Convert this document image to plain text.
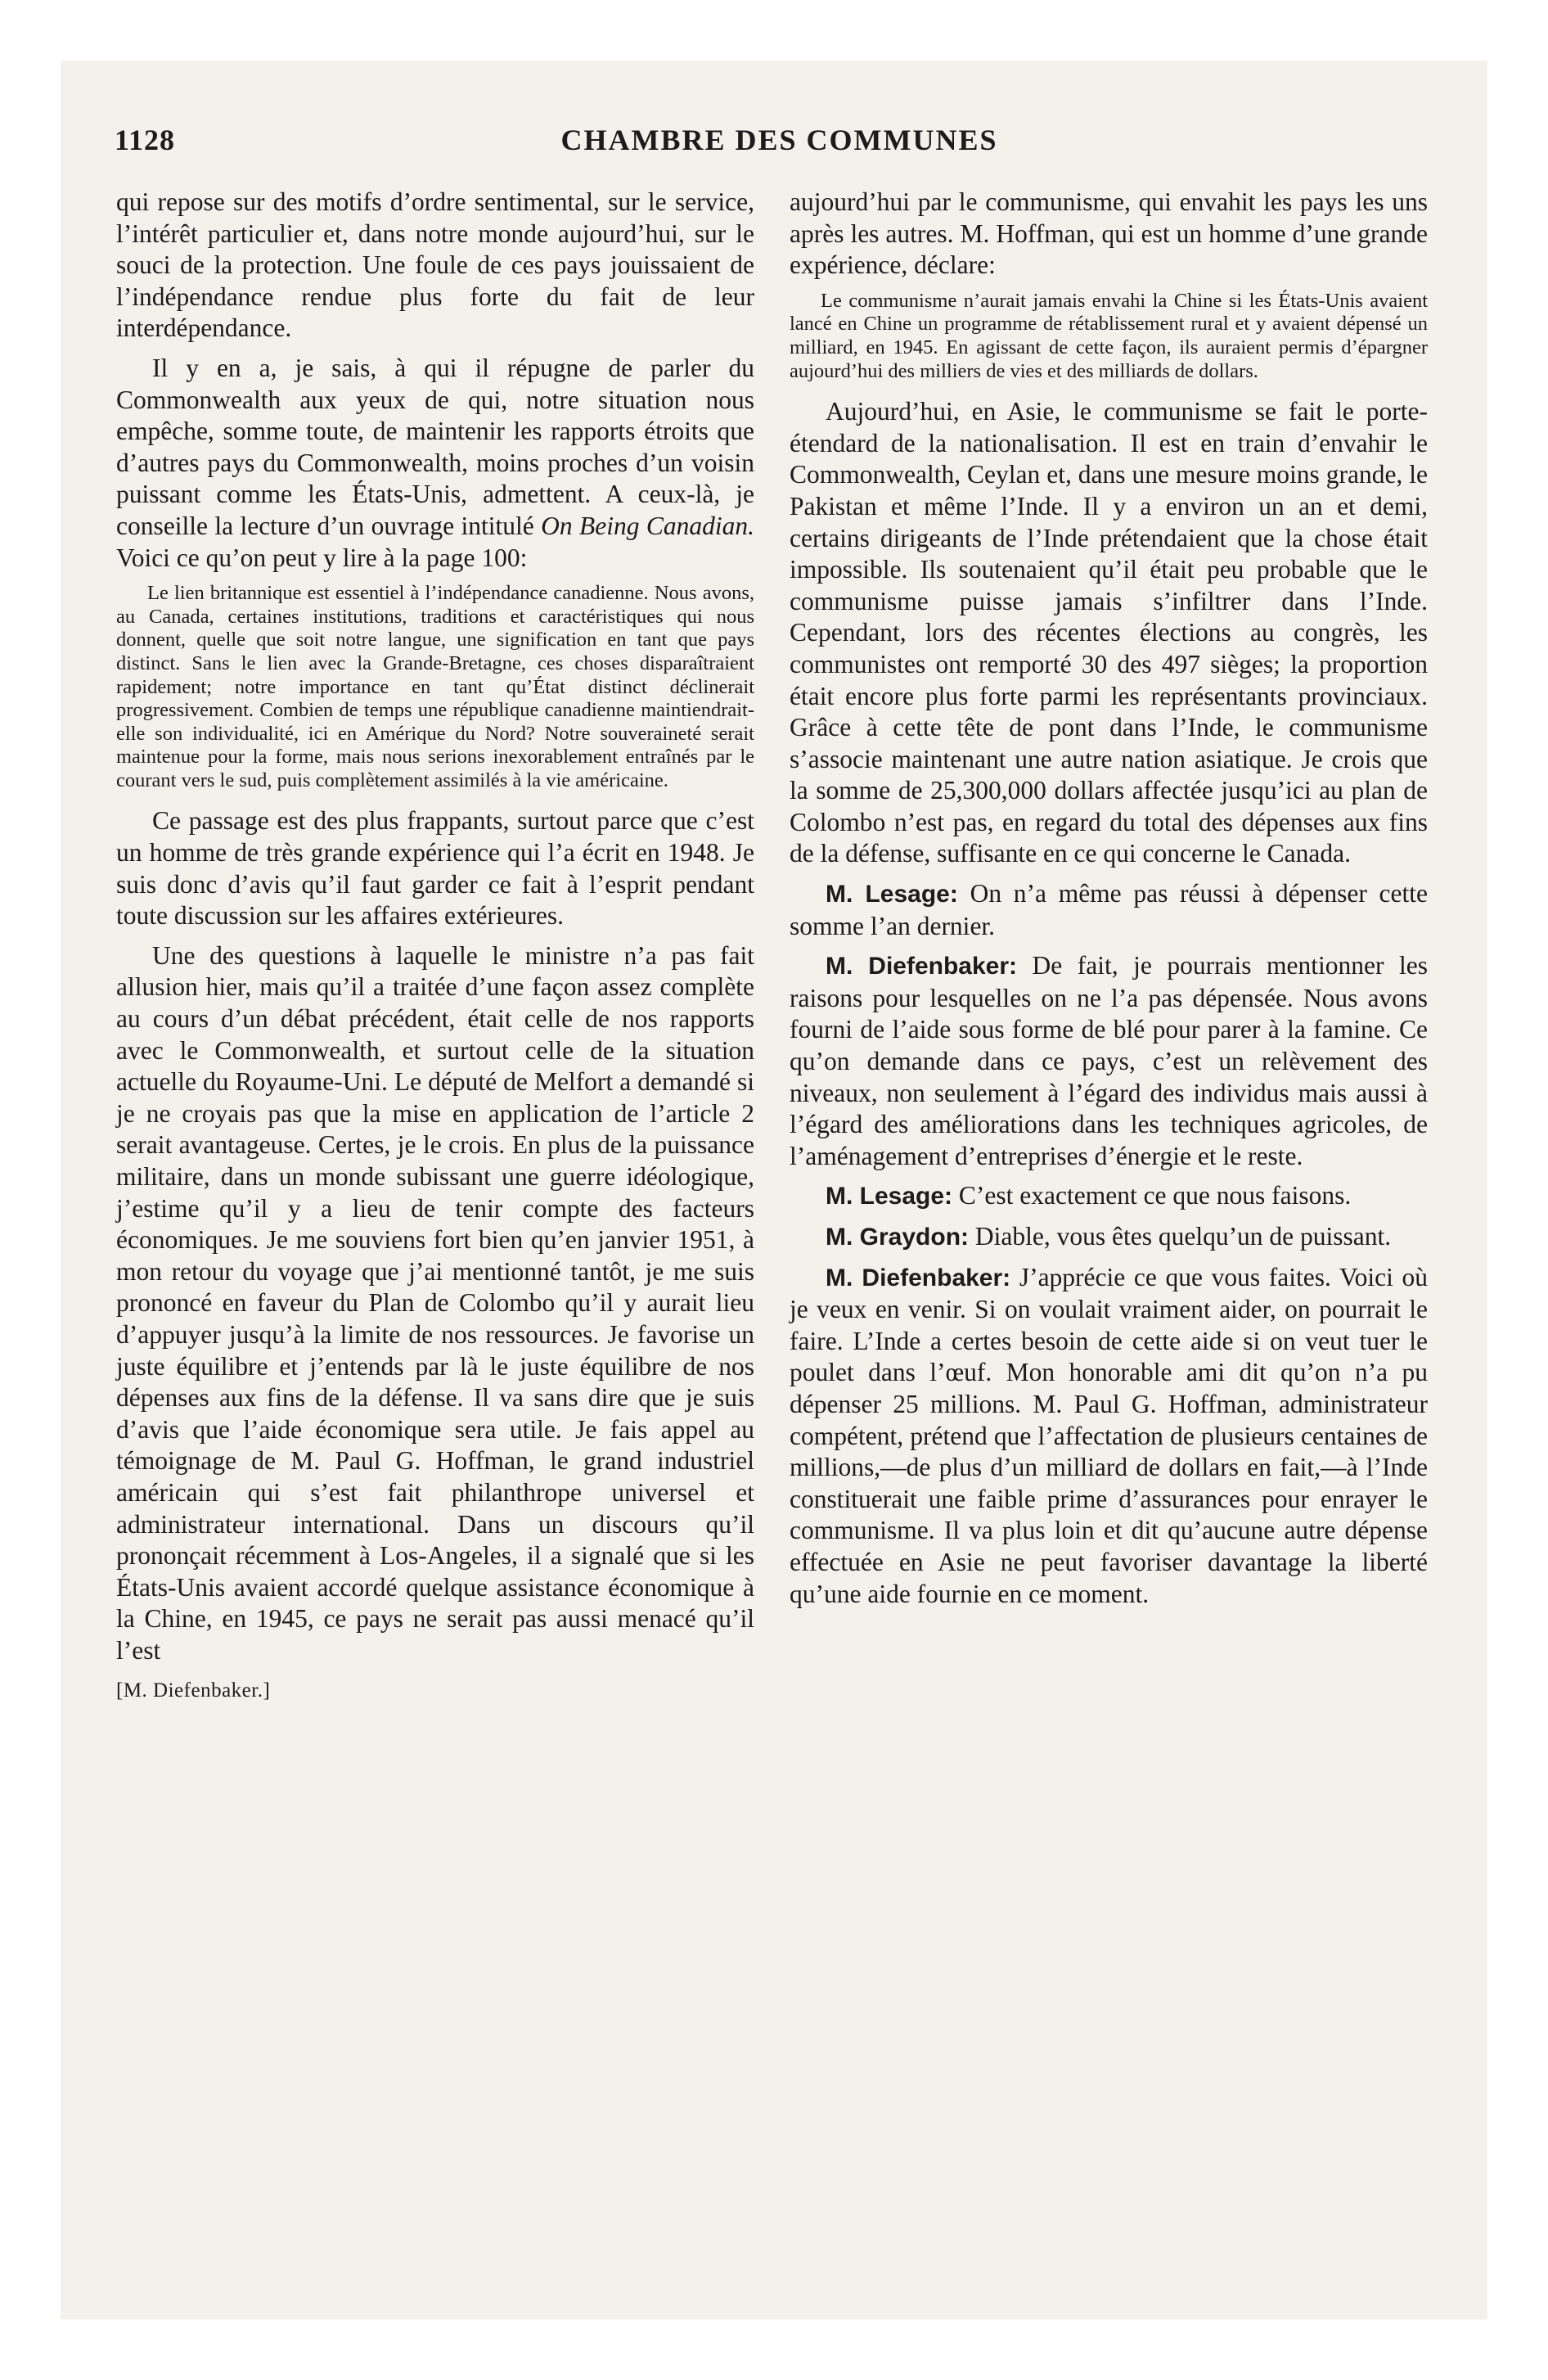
1128	CHAMBRE DES COMMUNES

qui repose sur des motifs d’ordre sentimental, sur le service, l’intérêt particulier et, dans notre monde aujourd’hui, sur le souci de la protection. Une foule de ces pays jouissaient de l’indépendance rendue plus forte du fait de leur interdépendance.

Il y en a, je sais, à qui il répugne de parler du Commonwealth aux yeux de qui, notre situation nous empêche, somme toute, de maintenir les rapports étroits que d’autres pays du Commonwealth, moins proches d’un voisin puissant comme les États-Unis, admettent. A ceux-là, je conseille la lecture d’un ouvrage intitulé On Being Canadian. Voici ce qu’on peut y lire à la page 100:

Le lien britannique est essentiel à l’indépendance canadienne. Nous avons, au Canada, certaines institutions, traditions et caractéristiques qui nous donnent, quelle que soit notre langue, une signification en tant que pays distinct. Sans le lien avec la Grande-Bretagne, ces choses disparaîtraient rapidement; notre importance en tant qu’État distinct déclinerait progressivement. Combien de temps une république canadienne maintiendrait-elle son individualité, ici en Amérique du Nord? Notre souveraineté serait maintenue pour la forme, mais nous serions inexorablement entraînés par le courant vers le sud, puis complètement assimilés à la vie américaine.

Ce passage est des plus frappants, surtout parce que c’est un homme de très grande expérience qui l’a écrit en 1948. Je suis donc d’avis qu’il faut garder ce fait à l’esprit pendant toute discussion sur les affaires extérieures.

Une des questions à laquelle le ministre n’a pas fait allusion hier, mais qu’il a traitée d’une façon assez complète au cours d’un débat précédent, était celle de nos rapports avec le Commonwealth, et surtout celle de la situation actuelle du Royaume-Uni. Le député de Melfort a demandé si je ne croyais pas que la mise en application de l’article 2 serait avantageuse. Certes, je le crois. En plus de la puissance militaire, dans un monde subissant une guerre idéologique, j’estime qu’il y a lieu de tenir compte des facteurs économiques. Je me souviens fort bien qu’en janvier 1951, à mon retour du voyage que j’ai mentionné tantôt, je me suis prononcé en faveur du Plan de Colombo qu’il y aurait lieu d’appuyer jusqu’à la limite de nos ressources. Je favorise un juste équilibre et j’entends par là le juste équilibre de nos dépenses aux fins de la défense. Il va sans dire que je suis d’avis que l’aide économique sera utile. Je fais appel au témoignage de M. Paul G. Hoffman, le grand industriel américain qui s’est fait philanthrope universel et administrateur international. Dans un discours qu’il prononçait récemment à Los-Angeles, il a signalé que si les États-Unis avaient accordé quelque assistance économique à la Chine, en 1945, ce pays ne serait pas aussi menacé qu’il l’est

[M. Diefenbaker.]

aujourd’hui par le communisme, qui envahit les pays les uns après les autres. M. Hoffman, qui est un homme d’une grande expérience, déclare:

Le communisme n’aurait jamais envahi la Chine si les États-Unis avaient lancé en Chine un programme de rétablissement rural et y avaient dépensé un milliard, en 1945. En agissant de cette façon, ils auraient permis d’épargner aujourd’hui des milliers de vies et des milliards de dollars.

Aujourd’hui, en Asie, le communisme se fait le porte-étendard de la nationalisation. Il est en train d’envahir le Commonwealth, Ceylan et, dans une mesure moins grande, le Pakistan et même l’Inde. Il y a environ un an et demi, certains dirigeants de l’Inde prétendaient que la chose était impossible. Ils soutenaient qu’il était peu probable que le communisme puisse jamais s’infiltrer dans l’Inde. Cependant, lors des récentes élections au congrès, les communistes ont remporté 30 des 497 sièges; la proportion était encore plus forte parmi les représentants provinciaux. Grâce à cette tête de pont dans l’Inde, le communisme s’associe maintenant une autre nation asiatique. Je crois que la somme de 25,300,000 dollars affectée jusqu’ici au plan de Colombo n’est pas, en regard du total des dépenses aux fins de la défense, suffisante en ce qui concerne le Canada.

M. Lesage: On n’a même pas réussi à dépenser cette somme l’an dernier.

M. Diefenbaker: De fait, je pourrais mentionner les raisons pour lesquelles on ne l’a pas dépensée. Nous avons fourni de l’aide sous forme de blé pour parer à la famine. Ce qu’on demande dans ce pays, c’est un relèvement des niveaux, non seulement à l’égard des individus mais aussi à l’égard des améliorations dans les techniques agricoles, de l’aménagement d’entreprises d’énergie et le reste.

M. Lesage: C’est exactement ce que nous faisons.

M. Graydon: Diable, vous êtes quelqu’un de puissant.

M. Diefenbaker: J’apprécie ce que vous faites. Voici où je veux en venir. Si on voulait vraiment aider, on pourrait le faire. L’Inde a certes besoin de cette aide si on veut tuer le poulet dans l’œuf. Mon honorable ami dit qu’on n’a pu dépenser 25 millions. M. Paul G. Hoffman, administrateur compétent, prétend que l’affectation de plusieurs centaines de millions,—de plus d’un milliard de dollars en fait,—à l’Inde constituerait une faible prime d’assurances pour enrayer le communisme. Il va plus loin et dit qu’aucune autre dépense effectuée en Asie ne peut favoriser davantage la liberté qu’une aide fournie en ce moment.
